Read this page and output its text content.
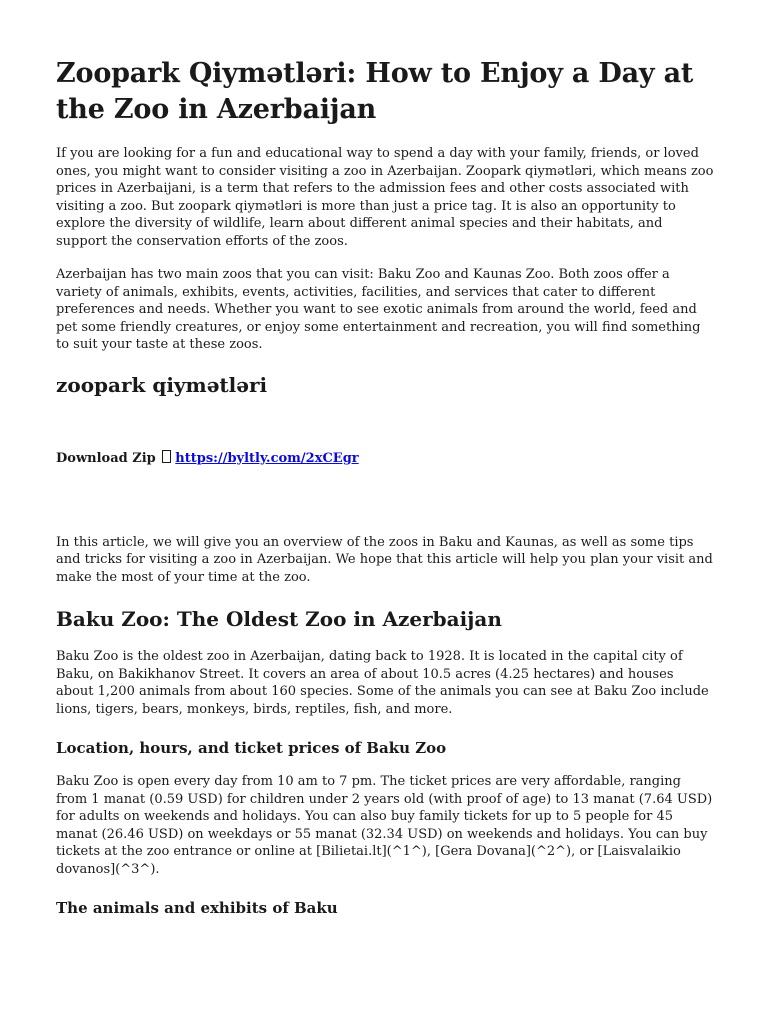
Zoopark Qiymətləri: How to Enjoy a Day at the Zoo in Azerbaijan

If you are looking for a fun and educational way to spend a day with your family, friends, or loved ones, you might want to consider visiting a zoo in Azerbaijan. Zoopark qiymətləri, which means zoo prices in Azerbaijani, is a term that refers to the admission fees and other costs associated with visiting a zoo. But zoopark qiymətləri is more than just a price tag. It is also an opportunity to explore the diversity of wildlife, learn about different animal species and their habitats, and support the conservation efforts of the zoos.

Azerbaijan has two main zoos that you can visit: Baku Zoo and Kaunas Zoo. Both zoos offer a variety of animals, exhibits, events, activities, facilities, and services that cater to different preferences and needs. Whether you want to see exotic animals from around the world, feed and pet some friendly creatures, or enjoy some entertainment and recreation, you will find something to suit your taste at these zoos.

zoopark qiymətləri
Download Zip https://byltly.com/2xCEgr

In this article, we will give you an overview of the zoos in Baku and Kaunas, as well as some tips and tricks for visiting a zoo in Azerbaijan. We hope that this article will help you plan your visit and make the most of your time at the zoo.

Baku Zoo: The Oldest Zoo in Azerbaijan

Baku Zoo is the oldest zoo in Azerbaijan, dating back to 1928. It is located in the capital city of Baku, on Bakikhanov Street. It covers an area of about 10.5 acres (4.25 hectares) and houses about 1,200 animals from about 160 species. Some of the animals you can see at Baku Zoo include lions, tigers, bears, monkeys, birds, reptiles, fish, and more.

Location, hours, and ticket prices of Baku Zoo

Baku Zoo is open every day from 10 am to 7 pm. The ticket prices are very affordable, ranging from 1 manat (0.59 USD) for children under 2 years old (with proof of age) to 13 manat (7.64 USD) for adults on weekends and holidays. You can also buy family tickets for up to 5 people for 45 manat (26.46 USD) on weekdays or 55 manat (32.34 USD) on weekends and holidays. You can buy tickets at the zoo entrance or online at [Bilietai.lt](^1^), [Gera Dovana](^2^), or [Laisvalaikio dovanos](^3^).

The animals and exhibits of Baku
